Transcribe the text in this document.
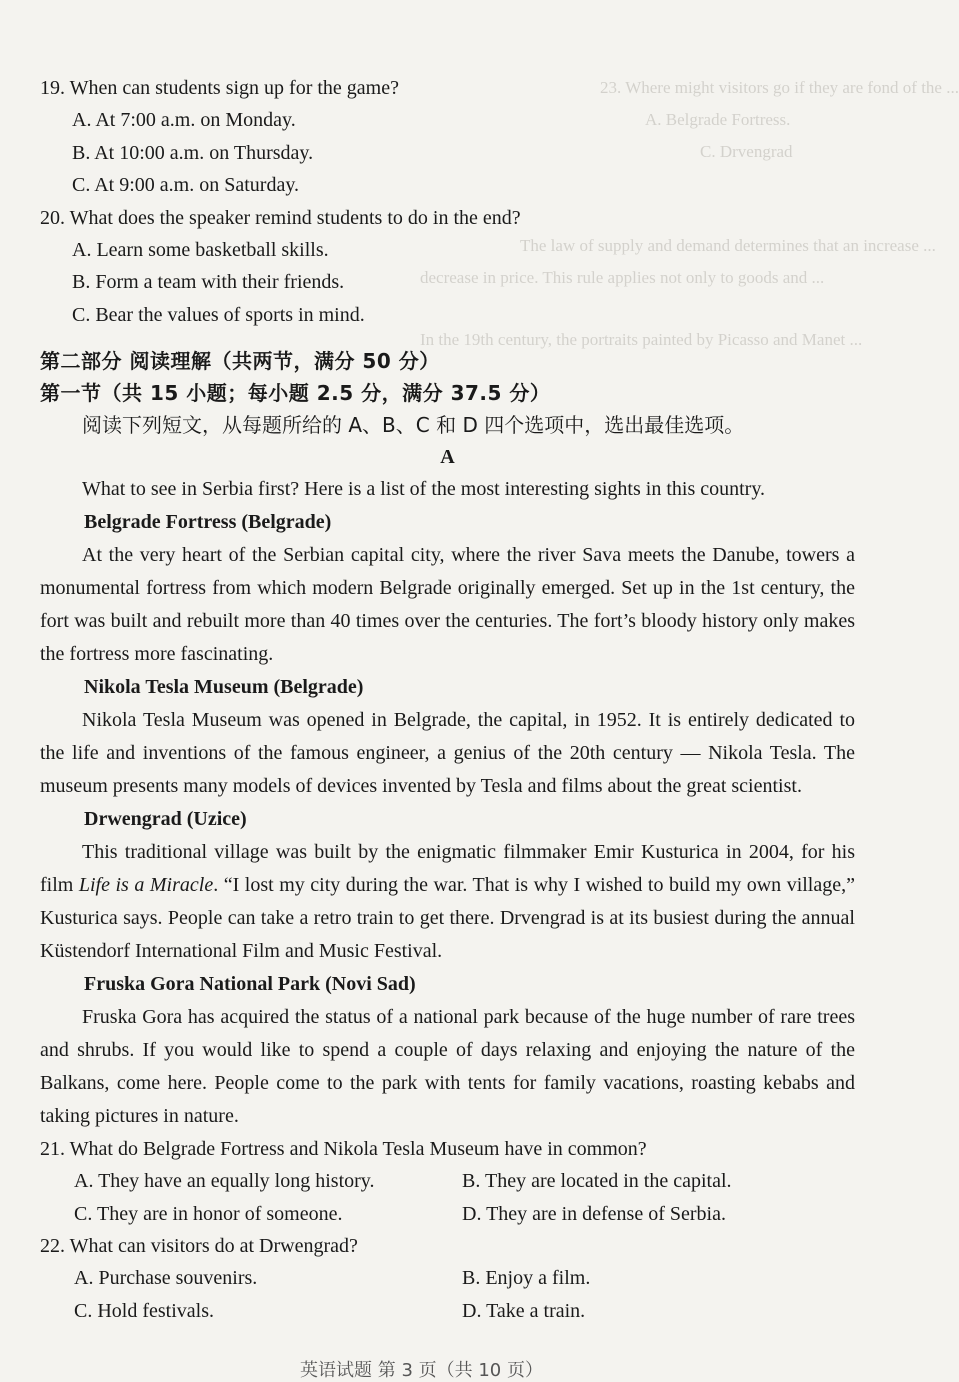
23. Where might visitors go if they are fond of the ...
A. Belgrade Fortress.
C. Drvengrad
The law of supply and demand determines that an increase ...
decrease in price. This rule applies not only to goods and ...
In the 19th century, the portraits painted by Picasso and Manet ...

19. When can students sign up for the game?

A. At 7:00 a.m. on Monday.

B. At 10:00 a.m. on Thursday.

C. At 9:00 a.m. on Saturday.

20. What does the speaker remind students to do in the end?

A. Learn some basketball skills.

B. Form a team with their friends.

C. Bear the values of sports in mind.

第二部分 阅读理解（共两节，满分 50 分）

第一节（共 15 小题；每小题 2.5 分，满分 37.5 分）

阅读下列短文，从每题所给的 A、B、C 和 D 四个选项中，选出最佳选项。

A

What to see in Serbia first? Here is a list of the most interesting sights in this country.

Belgrade Fortress (Belgrade)

At the very heart of the Serbian capital city, where the river Sava meets the Danube, towers a monumental fortress from which modern Belgrade originally emerged. Set up in the 1st century, the fort was built and rebuilt more than 40 times over the centuries. The fort’s bloody history only makes the fortress more fascinating.

Nikola Tesla Museum (Belgrade)

Nikola Tesla Museum was opened in Belgrade, the capital, in 1952. It is entirely dedicated to the life and inventions of the famous engineer, a genius of the 20th century — Nikola Tesla. The museum presents many models of devices invented by Tesla and films about the great scientist.

Drwengrad (Uzice)

This traditional village was built by the enigmatic filmmaker Emir Kusturica in 2004, for his film Life is a Miracle. “I lost my city during the war. That is why I wished to build my own village,” Kusturica says. People can take a retro train to get there. Drvengrad is at its busiest during the annual Küstendorf International Film and Music Festival.

Fruska Gora National Park (Novi Sad)

Fruska Gora has acquired the status of a national park because of the huge number of rare trees and shrubs. If you would like to spend a couple of days relaxing and enjoying the nature of the Balkans, come here. People come to the park with tents for family vacations, roasting kebabs and taking pictures in nature.

21. What do Belgrade Fortress and Nikola Tesla Museum have in common?

A. They have an equally long history.	B. They are located in the capital.
C. They are in honor of someone.	D. They are in defense of Serbia.

22. What can visitors do at Drwengrad?

A. Purchase souvenirs.	B. Enjoy a film.
C. Hold festivals.	D. Take a train.
英语试题 第 3 页（共 10 页）
